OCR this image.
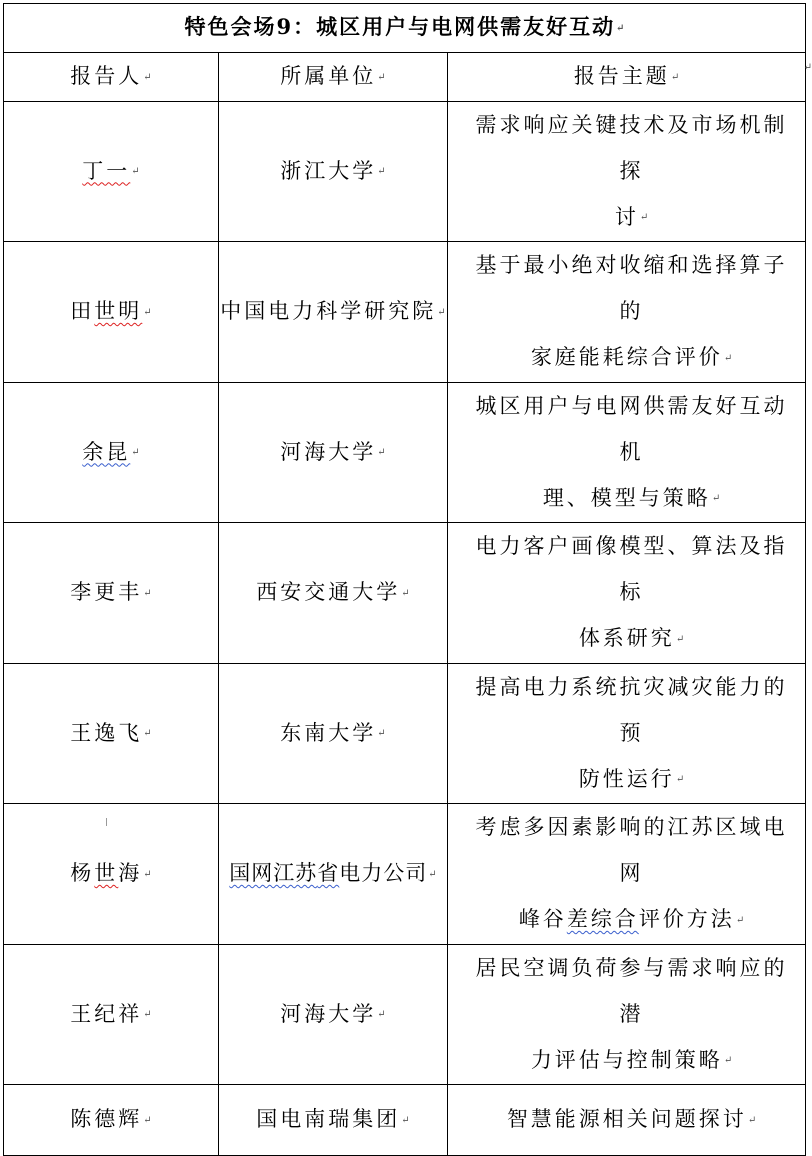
特色会场9：城区用户与电网供需友好互动↵		
报告人↵	所属单位↵	报告主题↵
丁一↵	浙江大学↵	需求响应关键技术及市场机制探
讨↵

田世明↵	中国电力科学研究院↵	基于最小绝对收缩和选择算子的
家庭能耗综合评价↵

余昆↵	河海大学↵	城区用户与电网供需友好互动机
理、模型与策略↵

李更丰↵	西安交通大学↵	电力客户画像模型、算法及指标
体系研究↵

王逸飞↵	东南大学↵	提高电力系统抗灾减灾能力的预
防性运行↵

杨世海↵	国网江苏省电力公司↵	考虑多因素影响的江苏区域电网
峰谷差综合评价方法↵

王纪祥↵	河海大学↵	居民空调负荷参与需求响应的潜
力评估与控制策略↵

陈德辉↵	国电南瑞集团↵	智慧能源相关问题探讨↵
↵
